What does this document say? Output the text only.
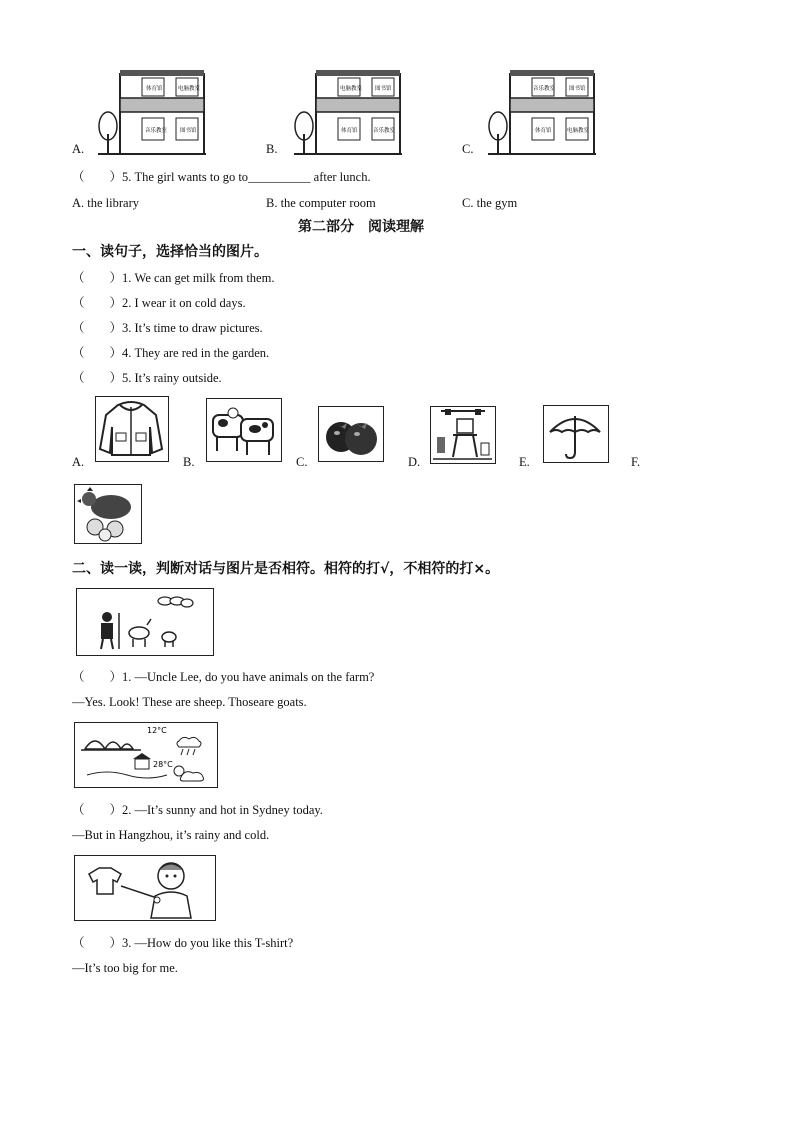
A.
体育馆	电脑教室
音乐教室 图书馆
B.
电脑教室 图书馆
体育馆	音乐教室
C.
音乐教室	图书馆
体育馆	电脑教室
（　　）5. The girl wants to go to__________ after lunch.
A. the library	B. the computer room	C. the gym
第二部分　阅读理解
一、读句子，选择恰当的图片。
（　　）1. We can get milk from them.
（　　）2. I wear it on cold days.
（　　）3. It’s time to draw pictures.
（　　）4. They are red in the garden.
（　　）5. It’s rainy outside.
A.	B.	C.	D.	E.	F.
二、读一读，判断对话与图片是否相符。相符的打√，不相符的打×。
（　　）1. —Uncle Lee, do you have animals on the farm?
—Yes. Look! These are sheep. Thoseare goats.
12°C
28°C
（　　）2. —It’s sunny and hot in Sydney today.
—But in Hangzhou, it’s rainy and cold.
（　　）3. —How do you like this T-shirt?
—It’s too big for me.
